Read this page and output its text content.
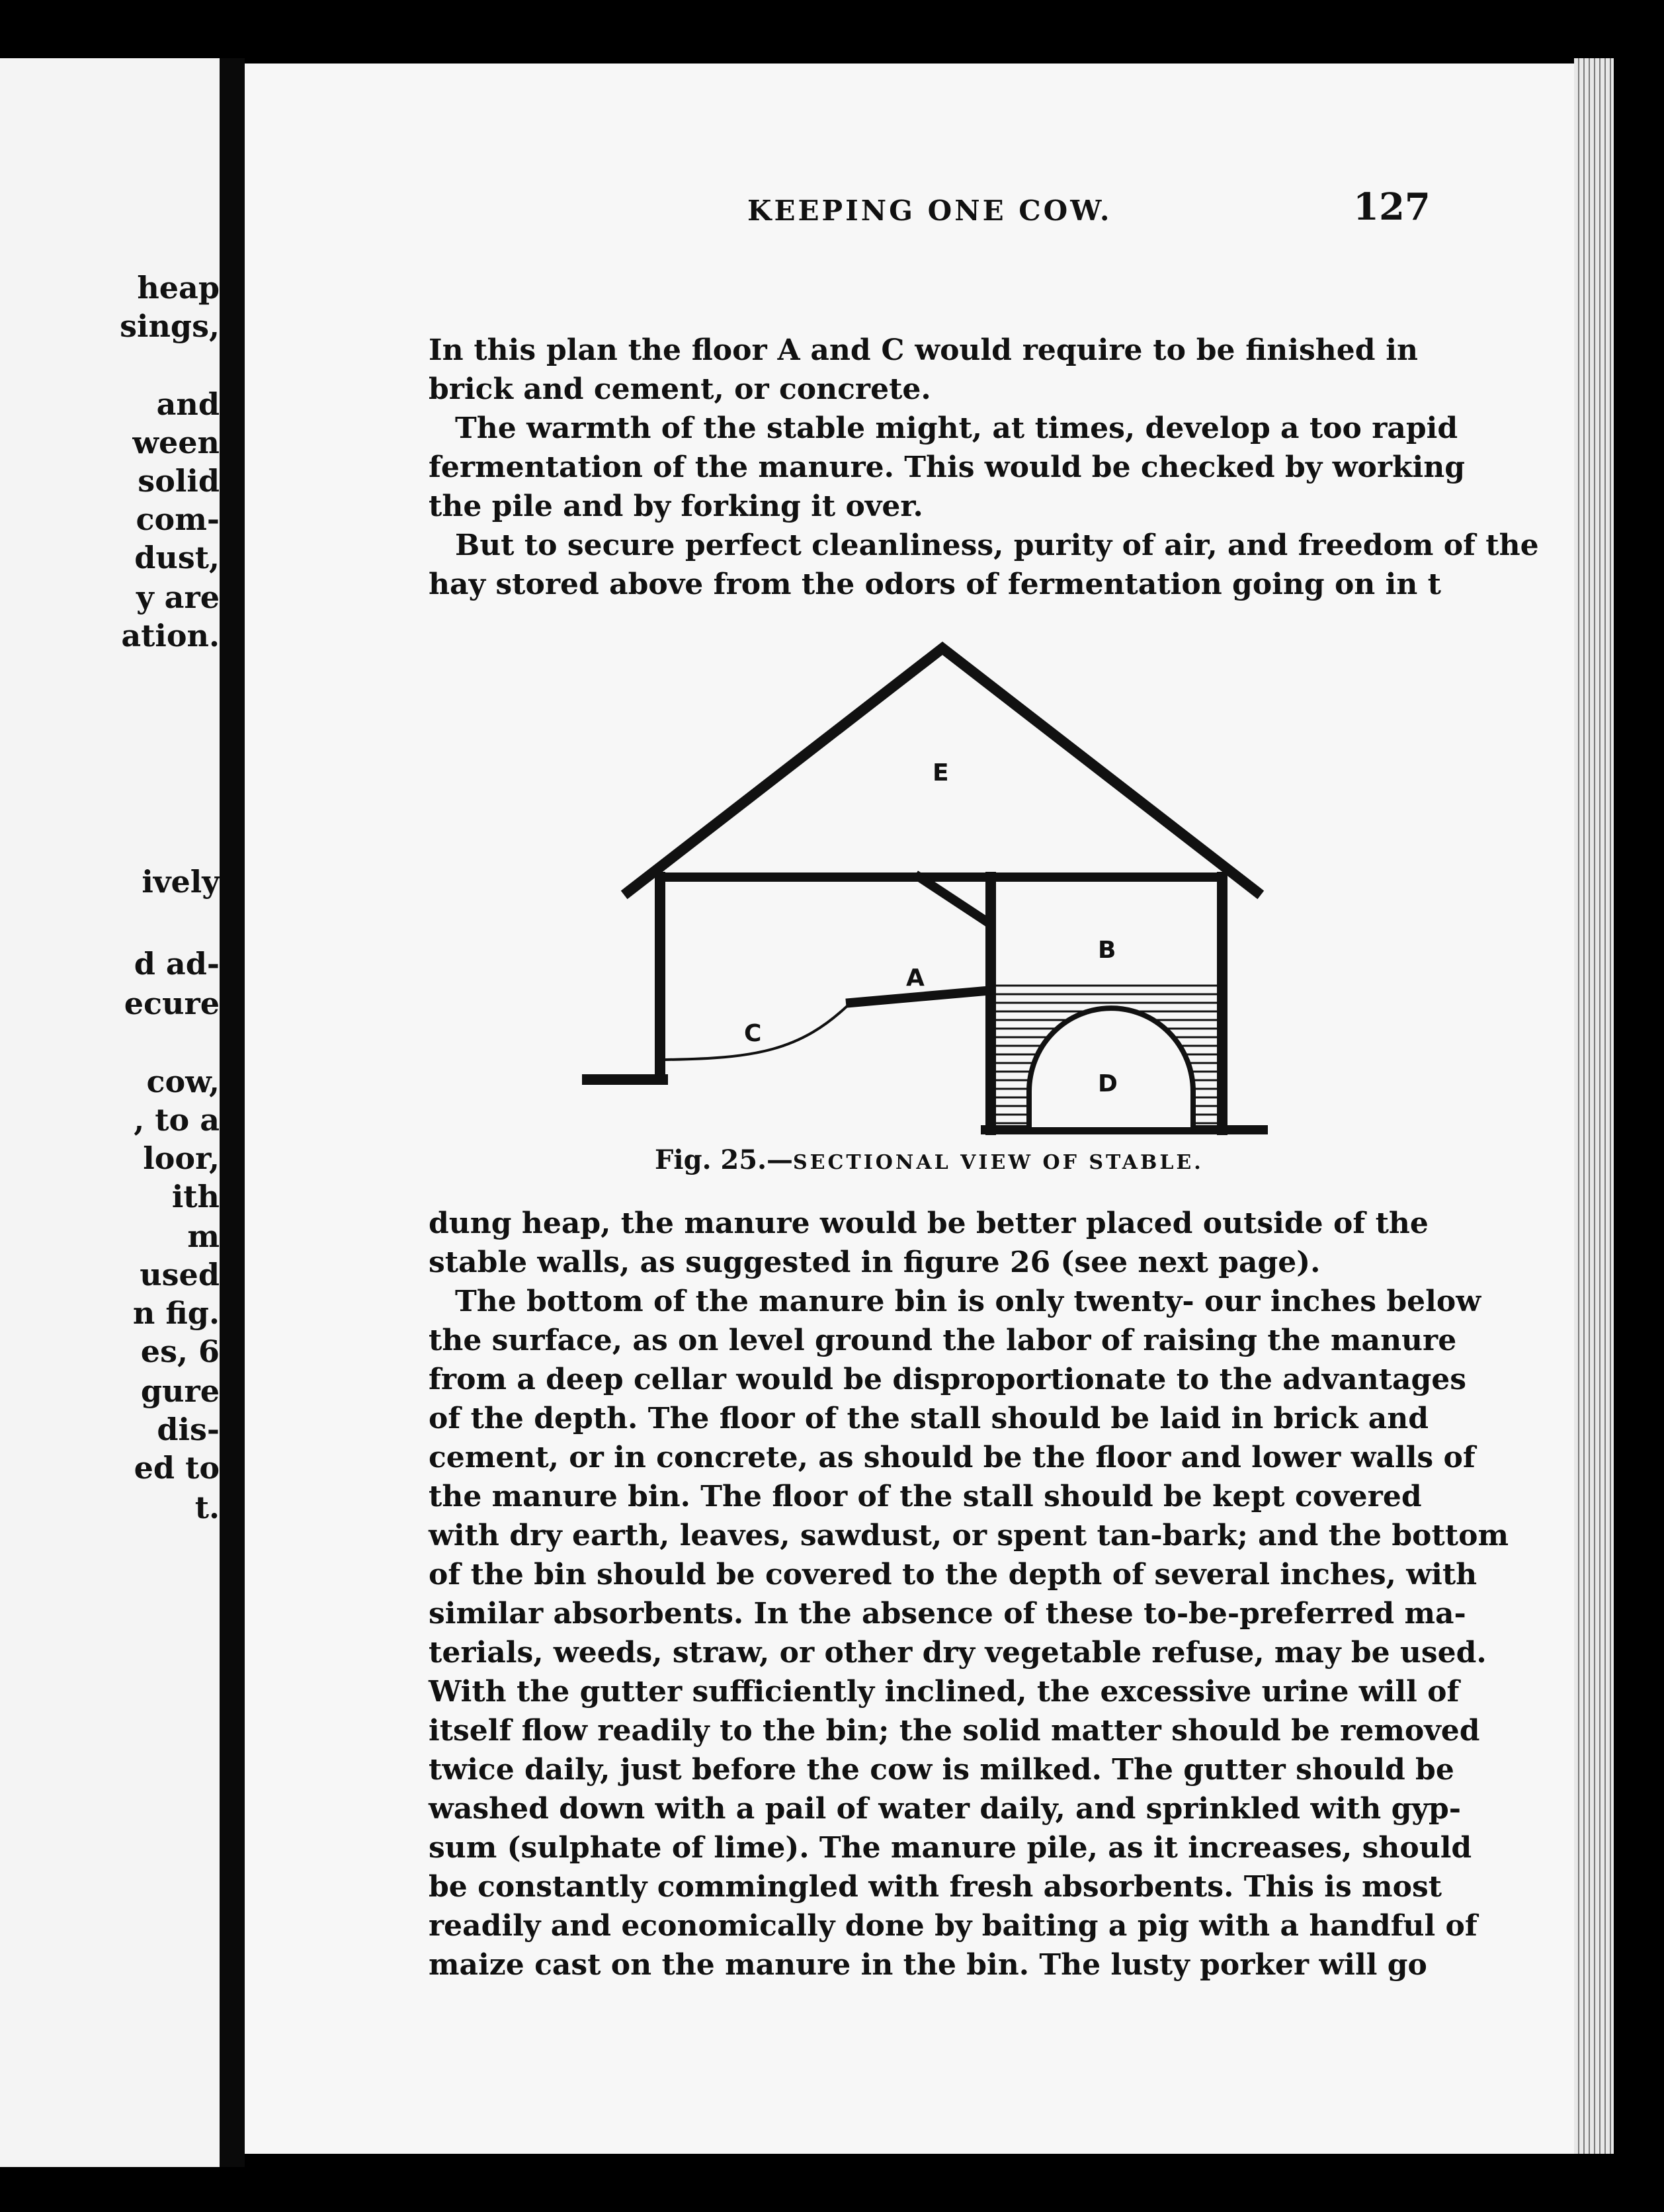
heap
sings,
and
ween
solid
com-
dust,
y are
ation.
ively
d ad-
ecure
cow,
, to a
loor,
ith
m
used
n fig.
es, 6
gure
dis-
ed to
t.
KEEPING ONE COW.	127
In this plan the floor A and C would require to be finished in
brick and cement, or concrete.
The warmth of the stable might, at times, develop a too rapid
fermentation of the manure. This would be checked by working
the pile and by forking it over.
But to secure perfect cleanliness, purity of air, and freedom of the
hay stored above from the odors of fermentation going on in t
E
B
A
C
D
Fig. 25.—SECTIONAL VIEW OF STABLE.
dung heap, the manure would be better placed outside of the
stable walls, as suggested in figure 26 (see next page).
The bottom of the manure bin is only twenty- our inches below
the surface, as on level ground the labor of raising the manure
from a deep cellar would be disproportionate to the advantages
of the depth. The floor of the stall should be laid in brick and
cement, or in concrete, as should be the floor and lower walls of
the manure bin. The floor of the stall should be kept covered
with dry earth, leaves, sawdust, or spent tan-bark; and the bottom
of the bin should be covered to the depth of several inches, with
similar absorbents. In the absence of these to-be-preferred ma-
terials, weeds, straw, or other dry vegetable refuse, may be used.
With the gutter sufficiently inclined, the excessive urine will of
itself flow readily to the bin; the solid matter should be removed
twice daily, just before the cow is milked. The gutter should be
washed down with a pail of water daily, and sprinkled with gyp-
sum (sulphate of lime). The manure pile, as it increases, should
be constantly commingled with fresh absorbents. This is most
readily and economically done by baiting a pig with a handful of
maize cast on the manure in the bin. The lusty porker will go
